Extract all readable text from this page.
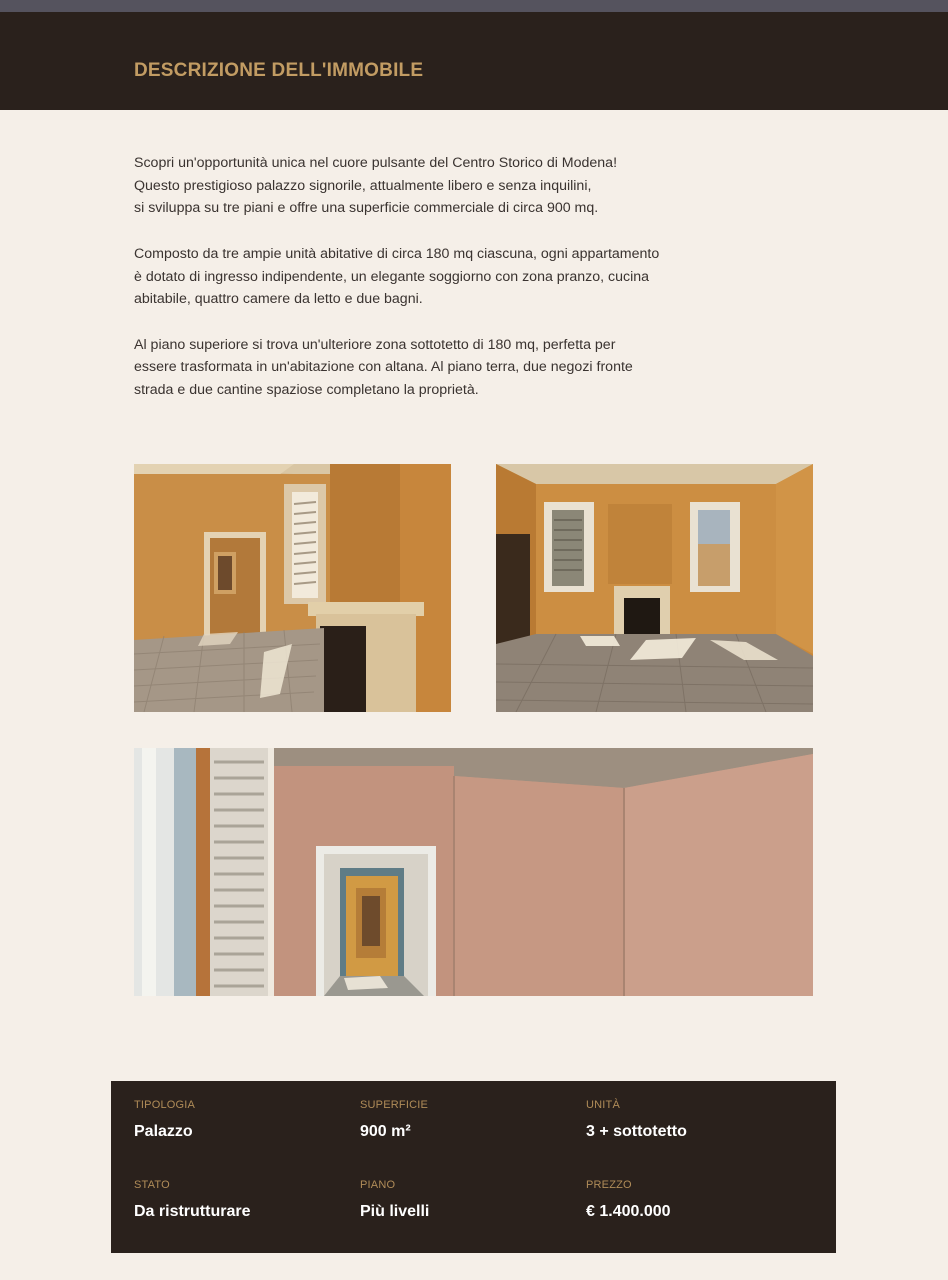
DESCRIZIONE DELL'IMMOBILE

Scopri un'opportunità unica nel cuore pulsante del Centro Storico di Modena!
Questo prestigioso palazzo signorile, attualmente libero e senza inquilini,
si sviluppa su tre piani e offre una superficie commerciale di circa 900 mq.

Composto da tre ampie unità abitative di circa 180 mq ciascuna, ogni appartamento
è dotato di ingresso indipendente, un elegante soggiorno con zona pranzo, cucina
abitabile, quattro camere da letto e due bagni.

Al piano superiore si trova un'ulteriore zona sottotetto di 180 mq, perfetta per
essere trasformata in un'abitazione con altana. Al piano terra, due negozi fronte
strada e due cantine spaziose completano la proprietà.

TIPOLOGIA
Palazzo
SUPERFICIE
900 m²
UNITÀ
3 + sottotetto
STATO
Da ristrutturare
PIANO
Più livelli
PREZZO
€ 1.400.000
